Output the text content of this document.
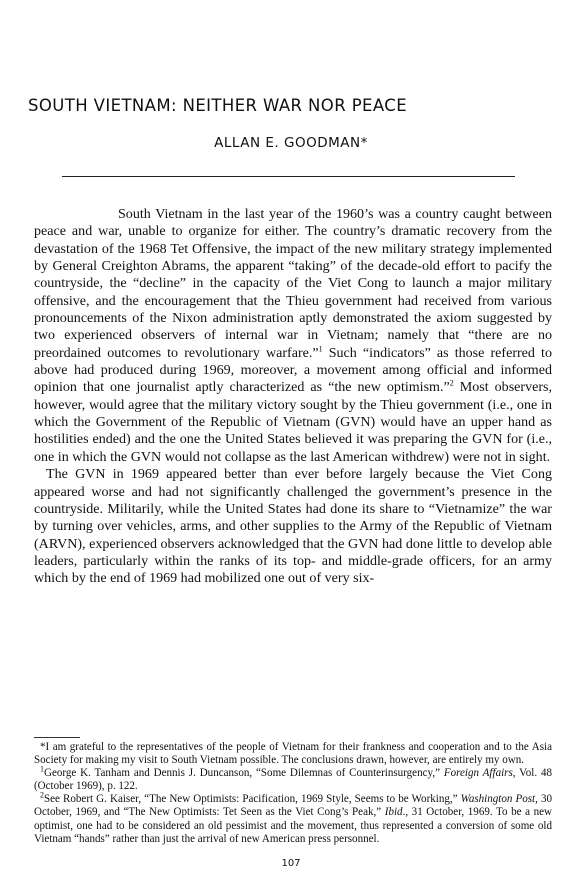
SOUTH VIETNAM: NEITHER WAR NOR PEACE
ALLAN E. GOODMAN*

South Vietnam in the last year of the 1960’s was a country caught between peace and war, unable to organize for either. The country’s dramatic recovery from the devastation of the 1968 Tet Offensive, the impact of the new military strategy implemented by General Creighton Abrams, the apparent “taking” of the decade-old effort to pacify the countryside, the “decline” in the capacity of the Viet Cong to launch a major military offensive, and the encouragement that the Thieu government had received from various pronouncements of the Nixon administration aptly demonstrated the axiom suggested by two experienced observers of internal war in Vietnam; namely that “there are no preordained outcomes to revolutionary warfare.”$^1$ Such “indicators” as those referred to above had produced during 1969, moreover, a movement among official and informed opinion that one journalist aptly characterized as “the new optimism.”$^2$ Most observers, however, would agree that the military victory sought by the Thieu government (i.e., one in which the Government of the Republic of Vietnam (GVN) would have an upper hand as hostilities ended) and the one the United States believed it was preparing the GVN for (i.e., one in which the GVN would not collapse as the last American withdrew) were not in sight.

The GVN in 1969 appeared better than ever before largely because the Viet Cong appeared worse and had not significantly challenged the government’s presence in the countryside. Militarily, while the United States had done its share to “Vietnamize” the war by turning over vehicles, arms, and other supplies to the Army of the Republic of Vietnam (ARVN), experienced observers acknowledged that the GVN had done little to develop able leaders, particularly within the ranks of its top- and middle-grade officers, for an army which by the end of 1969 had mobilized one out of very six-

*I am grateful to the representatives of the people of Vietnam for their frankness and cooperation and to the Asia Society for making my visit to South Vietnam possible. The conclusions drawn, however, are entirely my own.

$^1$George K. Tanham and Dennis J. Duncanson, “Some Dilemnas of Counterinsurgency,” Foreign Affairs, Vol. 48 (October 1969), p. 122.

$^2$See Robert G. Kaiser, “The New Optimists: Pacification, 1969 Style, Seems to be Working,” Washington Post, 30 October, 1969, and “The New Optimists: Tet Seen as the Viet Cong’s Peak,” Ibid., 31 October, 1969. To be a new optimist, one had to be considered an old pessimist and the movement, thus represented a conversion of some old Vietnam “hands” rather than just the arrival of new American press personnel.

107
